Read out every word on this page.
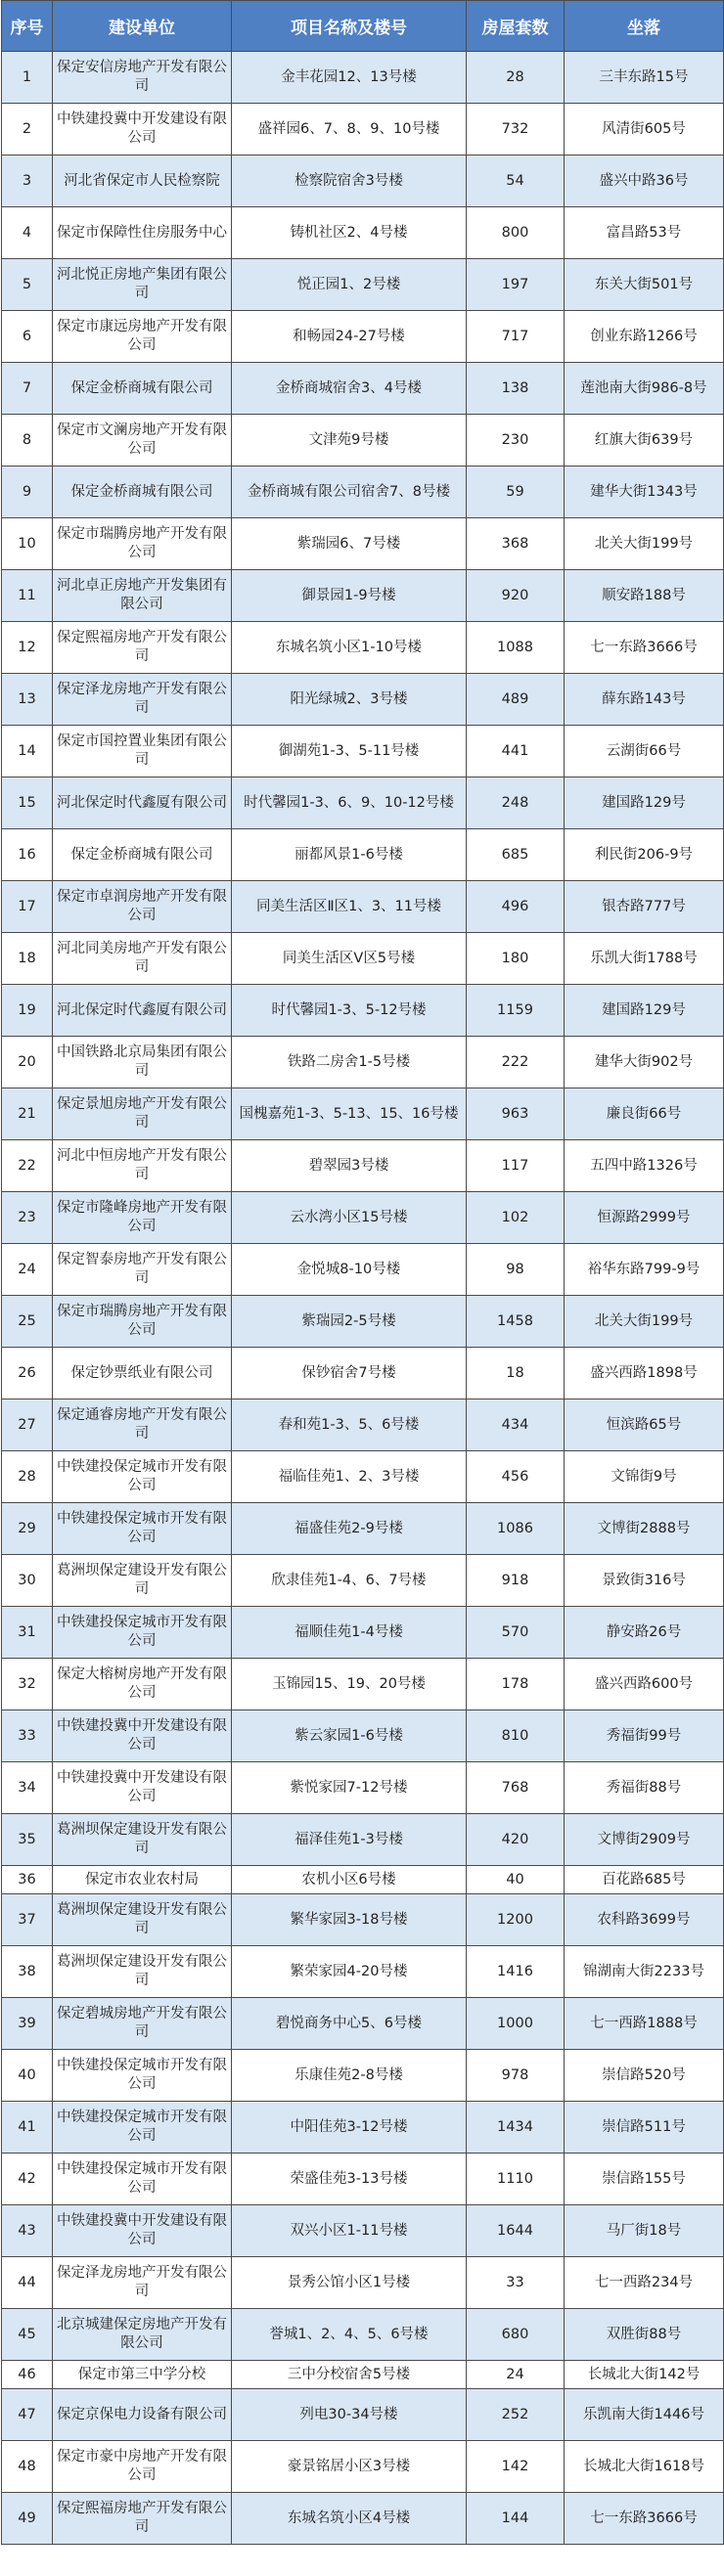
序号	建设单位	项目名称及楼号	房屋套数	坐落
1	保定安信房地产开发有限公司	金丰花园12、13号楼	28	三丰东路15号
2	中铁建投冀中开发建设有限公司	盛祥园6、7、8、9、10号楼	732	风清街605号
3	河北省保定市人民检察院	检察院宿舍3号楼	54	盛兴中路36号
4	保定市保障性住房服务中心	铸机社区2、4号楼	800	富昌路53号
5	河北悦正房地产集团有限公司	悦正园1、2号楼	197	东关大街501号
6	保定市康远房地产开发有限公司	和畅园24-27号楼	717	创业东路1266号
7	保定金桥商城有限公司	金桥商城宿舍3、4号楼	138	莲池南大街986-8号
8	保定市文澜房地产开发有限公司	文津苑9号楼	230	红旗大街639号
9	保定金桥商城有限公司	金桥商城有限公司宿舍7、8号楼	59	建华大街1343号
10	保定市瑞腾房地产开发有限公司	紫瑞园6、7号楼	368	北关大街199号
11	河北卓正房地产开发集团有限公司	御景园1-9号楼	920	顺安路188号
12	保定熙福房地产开发有限公司	东城名筑小区1-10号楼	1088	七一东路3666号
13	保定泽龙房地产开发有限公司	阳光绿城2、3号楼	489	薛东路143号
14	保定市国控置业集团有限公司	御湖苑1-3、5-11号楼	441	云湖街66号
15	河北保定时代鑫厦有限公司	时代馨园1-3、6、9、10-12号楼	248	建国路129号
16	保定金桥商城有限公司	丽都风景1-6号楼	685	利民街206-9号
17	保定市卓润房地产开发有限公司	同美生活区Ⅱ区1、3、11号楼	496	银杏路777号
18	河北同美房地产开发有限公司	同美生活区Ⅴ区5号楼	180	乐凯大街1788号
19	河北保定时代鑫厦有限公司	时代馨园1-3、5-12号楼	1159	建国路129号
20	中国铁路北京局集团有限公司	铁路二房舍1-5号楼	222	建华大街902号
21	保定景旭房地产开发有限公司	国槐嘉苑1-3、5-13、15、16号楼	963	廉良街66号
22	河北中恒房地产开发有限公司	碧翠园3号楼	117	五四中路1326号
23	保定市隆峰房地产开发有限公司	云水湾小区15号楼	102	恒源路2999号
24	保定智泰房地产开发有限公司	金悦城8-10号楼	98	裕华东路799-9号
25	保定市瑞腾房地产开发有限公司	紫瑞园2-5号楼	1458	北关大街199号
26	保定钞票纸业有限公司	保钞宿舍7号楼	18	盛兴西路1898号
27	保定通睿房地产开发有限公司	春和苑1-3、5、6号楼	434	恒滨路65号
28	中铁建投保定城市开发有限公司	福临佳苑1、2、3号楼	456	文锦街9号
29	中铁建投保定城市开发有限公司	福盛佳苑2-9号楼	1086	文博街2888号
30	葛洲坝保定建设开发有限公司	欣隶佳苑1-4、6、7号楼	918	景致街316号
31	中铁建投保定城市开发有限公司	福顺佳苑1-4号楼	570	静安路26号
32	保定大榕树房地产开发有限公司	玉锦园15、19、20号楼	178	盛兴西路600号
33	中铁建投冀中开发建设有限公司	紫云家园1-6号楼	810	秀福街99号
34	中铁建投冀中开发建设有限公司	紫悦家园7-12号楼	768	秀福街88号
35	葛洲坝保定建设开发有限公司	福泽佳苑1-3号楼	420	文博街2909号
36	保定市农业农村局	农机小区6号楼	40	百花路685号
37	葛洲坝保定建设开发有限公司	繁华家园3-18号楼	1200	农科路3699号
38	葛洲坝保定建设开发有限公司	繁荣家园4-20号楼	1416	锦湖南大街2233号
39	保定碧城房地产开发有限公司	碧悦商务中心5、6号楼	1000	七一西路1888号
40	中铁建投保定城市开发有限公司	乐康佳苑2-8号楼	978	崇信路520号
41	中铁建投保定城市开发有限公司	中阳佳苑3-12号楼	1434	崇信路511号
42	中铁建投保定城市开发有限公司	荣盛佳苑3-13号楼	1110	崇信路155号
43	中铁建投冀中开发建设有限公司	双兴小区1-11号楼	1644	马厂街18号
44	保定泽龙房地产开发有限公司	景秀公馆小区1号楼	33	七一西路234号
45	北京城建保定房地产开发有限公司	誉城1、2、4、5、6号楼	680	双胜街88号
46	保定市第三中学分校	三中分校宿舍5号楼	24	长城北大街142号
47	保定京保电力设备有限公司	列电30-34号楼	252	乐凯南大街1446号
48	保定市豪中房地产开发有限公司	豪景铭居小区3号楼	142	长城北大街1618号
49	保定熙福房地产开发有限公司	东城名筑小区4号楼	144	七一东路3666号
